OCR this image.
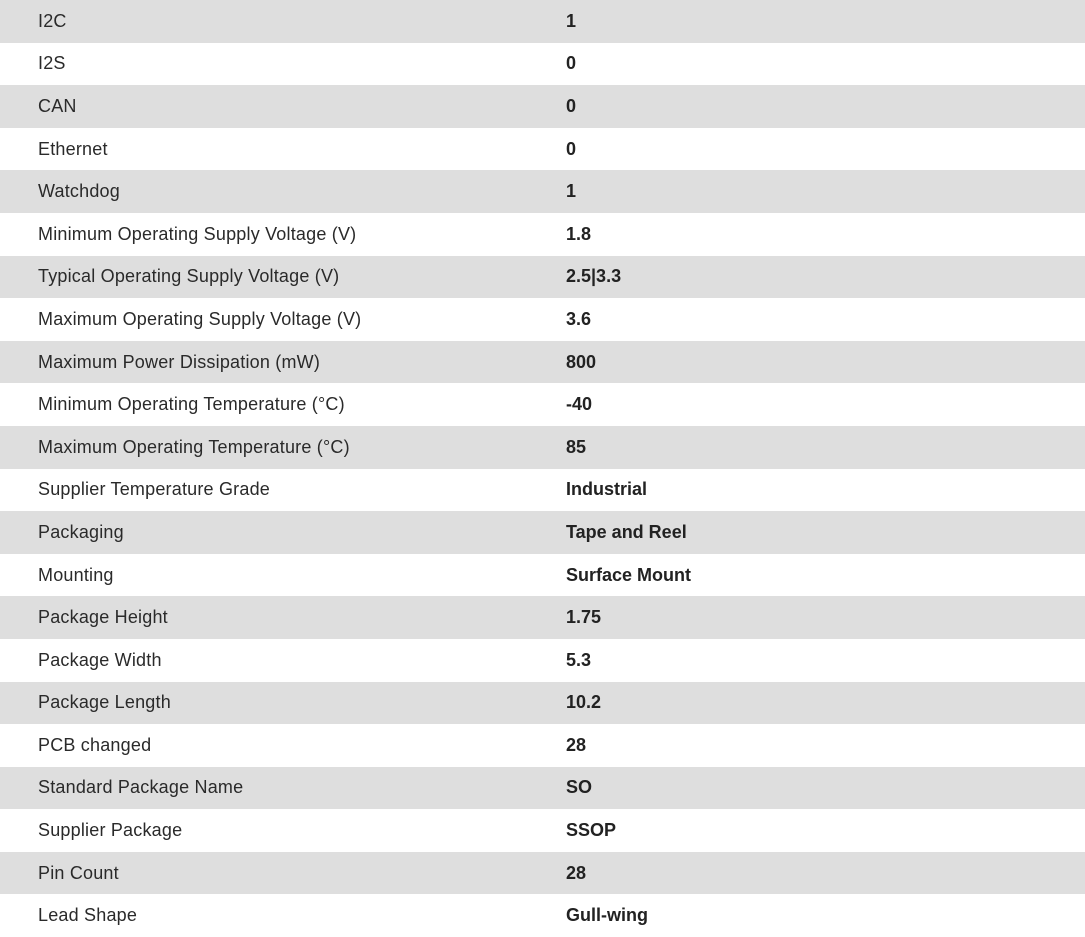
I2C	1
I2S	0
CAN	0
Ethernet	0
Watchdog	1
Minimum Operating Supply Voltage (V)	1.8
Typical Operating Supply Voltage (V)	2.5|3.3
Maximum Operating Supply Voltage (V)	3.6
Maximum Power Dissipation (mW)	800
Minimum Operating Temperature (°C)	-40
Maximum Operating Temperature (°C)	85
Supplier Temperature Grade	Industrial
Packaging	Tape and Reel
Mounting	Surface Mount
Package Height	1.75
Package Width	5.3
Package Length	10.2
PCB changed	28
Standard Package Name	SO
Supplier Package	SSOP
Pin Count	28
Lead Shape	Gull-wing
